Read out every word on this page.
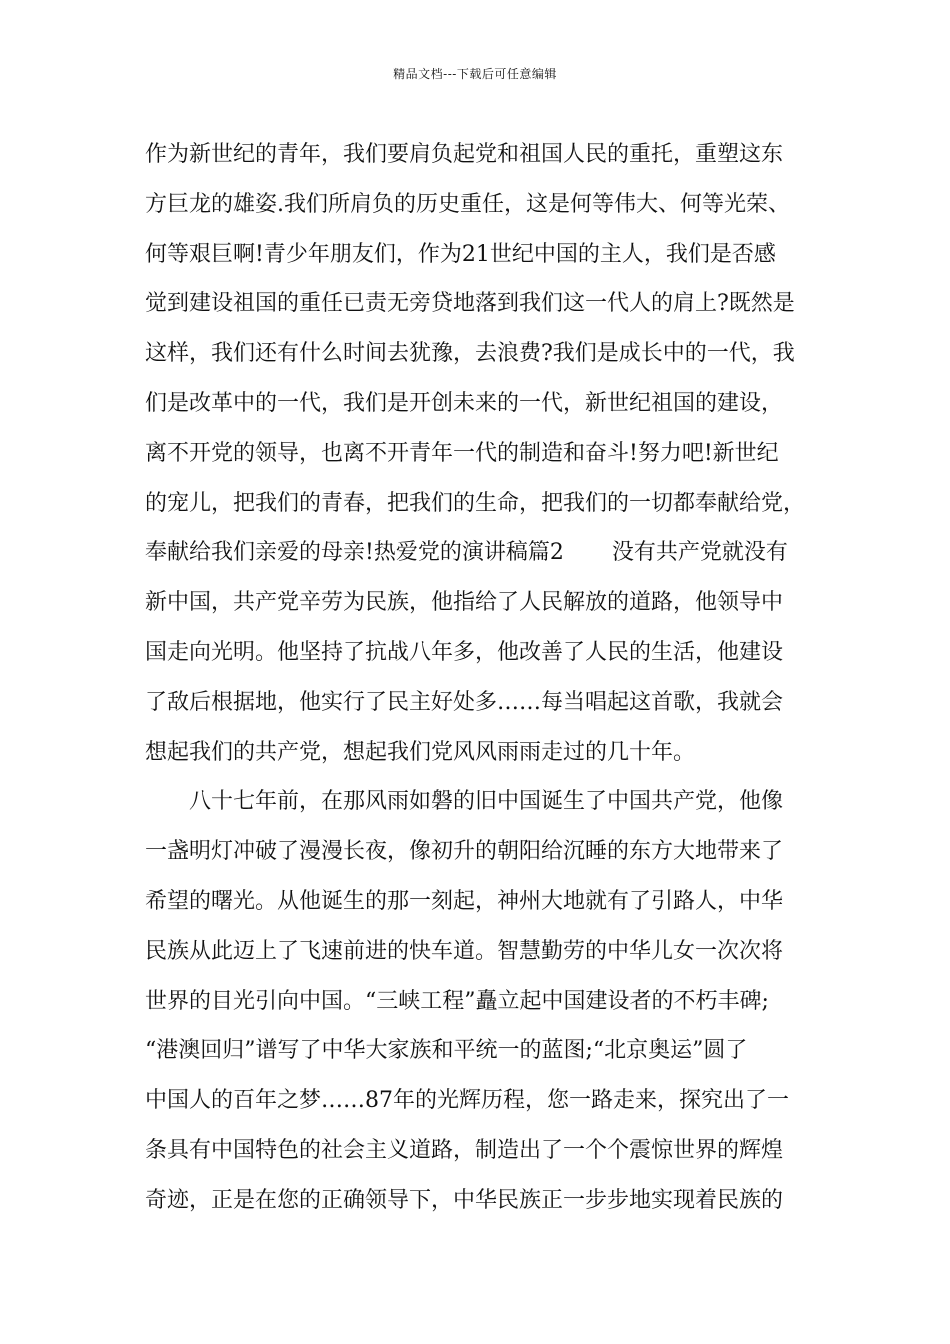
精品文档---下载后可任意编辑
作为新世纪的青年，我们要肩负起党和祖国人民的重托，重塑这东
方巨龙的雄姿.我们所肩负的历史重任，这是何等伟大、何等光荣、
何等艰巨啊!青少年朋友们，作为21世纪中国的主人，我们是否感
觉到建设祖国的重任已责无旁贷地落到我们这一代人的肩上?既然是
这样，我们还有什么时间去犹豫，去浪费?我们是成长中的一代，我
们是改革中的一代，我们是开创未来的一代，新世纪祖国的建设，
离不开党的领导，也离不开青年一代的制造和奋斗!努力吧!新世纪
的宠儿，把我们的青春，把我们的生命，把我们的一切都奉献给党，
奉献给我们亲爱的母亲!热爱党的演讲稿篇2 没有共产党就没有
新中国，共产党辛劳为民族，他指给了人民解放的道路，他领导中
国走向光明。他坚持了抗战八年多，他改善了人民的生活，他建设
了敌后根据地，他实行了民主好处多……每当唱起这首歌，我就会
想起我们的共产党，想起我们党风风雨雨走过的几十年。
八十七年前，在那风雨如磐的旧中国诞生了中国共产党，他像
一盏明灯冲破了漫漫长夜，像初升的朝阳给沉睡的东方大地带来了
希望的曙光。从他诞生的那一刻起，神州大地就有了引路人，中华
民族从此迈上了飞速前进的快车道。智慧勤劳的中华儿女一次次将
世界的目光引向中国。“三峡工程”矗立起中国建设者的不朽丰碑;
“港澳回归”谱写了中华大家族和平统一的蓝图;“北京奥运”圆了
中国人的百年之梦……87年的光辉历程，您一路走来，探究出了一
条具有中国特色的社会主义道路，制造出了一个个震惊世界的辉煌
奇迹，正是在您的正确领导下，中华民族正一步步地实现着民族的
